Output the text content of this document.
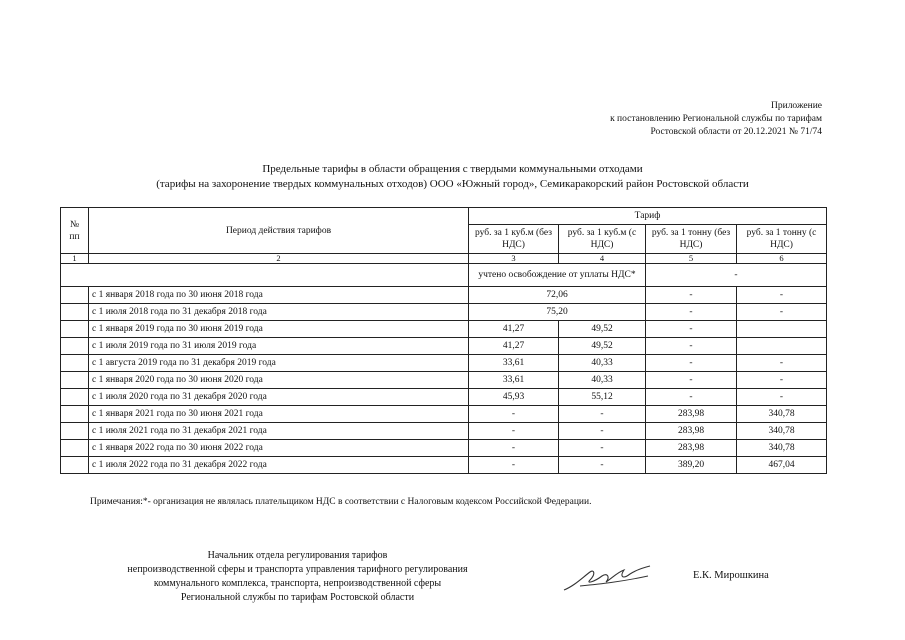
Приложение
к постановлению Региональной службы по тарифам
Ростовской области от 20.12.2021 № 71/74
Предельные тарифы в области обращения с твердыми коммунальными отходами
(тарифы на захоронение твердых коммунальных отходов) ООО «Южный город», Семикаракорский район Ростовской области
№ пп	Период действия тарифов	Тариф			
		руб. за 1 куб.м (без НДС)	руб. за 1 куб.м (с НДС)	руб. за 1 тонну (без НДС)	руб. за 1 тонну (с НДС)
1	2	3	4	5	6
		учтено освобождение от уплаты НДС*		-	
	с 1 января 2018 года по 30 июня 2018 года	72,06		-	-
	с 1 июля 2018 года по 31 декабря 2018 года	75,20		-	-
	с 1 января 2019 года по 30 июня 2019 года	41,27	49,52	-	
	с 1 июля 2019 года по 31 июля 2019 года	41,27	49,52	-	
	с 1 августа 2019 года по 31 декабря 2019 года	33,61	40,33	-	-
	с 1 января 2020 года по 30 июня 2020 года	33,61	40,33	-	-
	с 1 июля 2020 года по 31 декабря 2020 года	45,93	55,12	-	-
	с 1 января 2021 года по 30 июня 2021 года	-	-	283,98	340,78
	с 1 июля 2021 года по 31 декабря 2021 года	-	-	283,98	340,78
	с 1 января 2022 года по 30 июня 2022 года	-	-	283,98	340,78
	с 1 июля 2022 года по 31 декабря 2022 года	-	-	389,20	467,04
Примечания:*- организация не являлась плательщиком НДС в соответствии с Налоговым кодексом Российской Федерации.
Начальник отдела регулирования тарифов
непроизводственной сферы и транспорта управления тарифного регулирования
коммунального комплекса, транспорта, непроизводственной сферы
Региональной службы по тарифам Ростовской области
Е.К. Мирошкина
